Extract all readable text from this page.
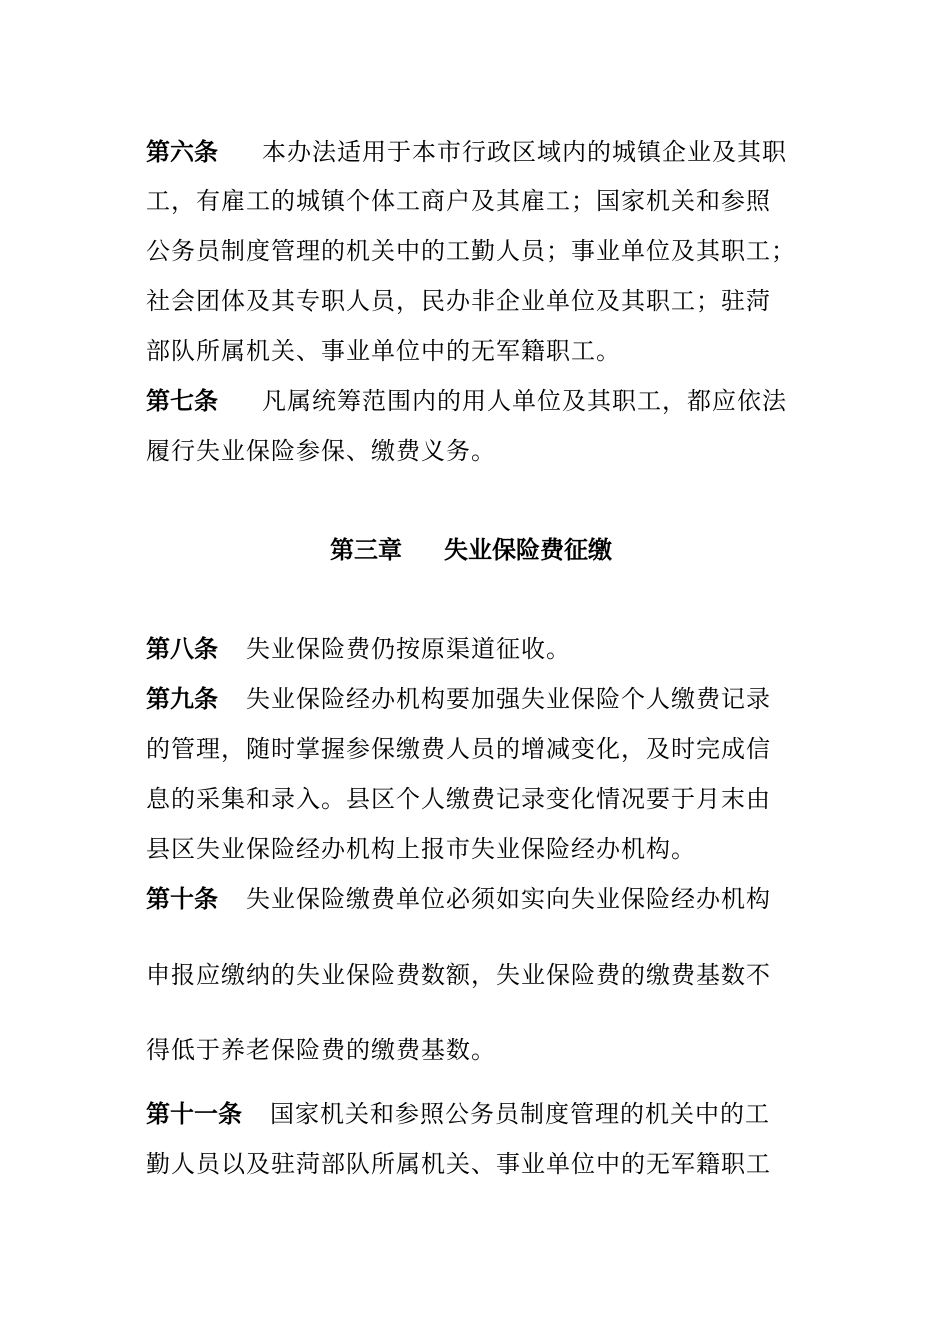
第六条 本办法适用于本市行政区域内的城镇企业及其职
工，有雇工的城镇个体工商户及其雇工；国家机关和参照
公务员制度管理的机关中的工勤人员；事业单位及其职工；
社会团体及其专职人员，民办非企业单位及其职工；驻菏
部队所属机关、事业单位中的无军籍职工。
第七条 凡属统筹范围内的用人单位及其职工，都应依法
履行失业保险参保、缴费义务。
第三章 失业保险费征缴
第八条 失业保险费仍按原渠道征收。
第九条 失业保险经办机构要加强失业保险个人缴费记录
的管理，随时掌握参保缴费人员的增减变化，及时完成信
息的采集和录入。县区个人缴费记录变化情况要于月末由
县区失业保险经办机构上报市失业保险经办机构。
第十条 失业保险缴费单位必须如实向失业保险经办机构
申报应缴纳的失业保险费数额，失业保险费的缴费基数不
得低于养老保险费的缴费基数。
第十一条 国家机关和参照公务员制度管理的机关中的工
勤人员以及驻菏部队所属机关、事业单位中的无军籍职工
